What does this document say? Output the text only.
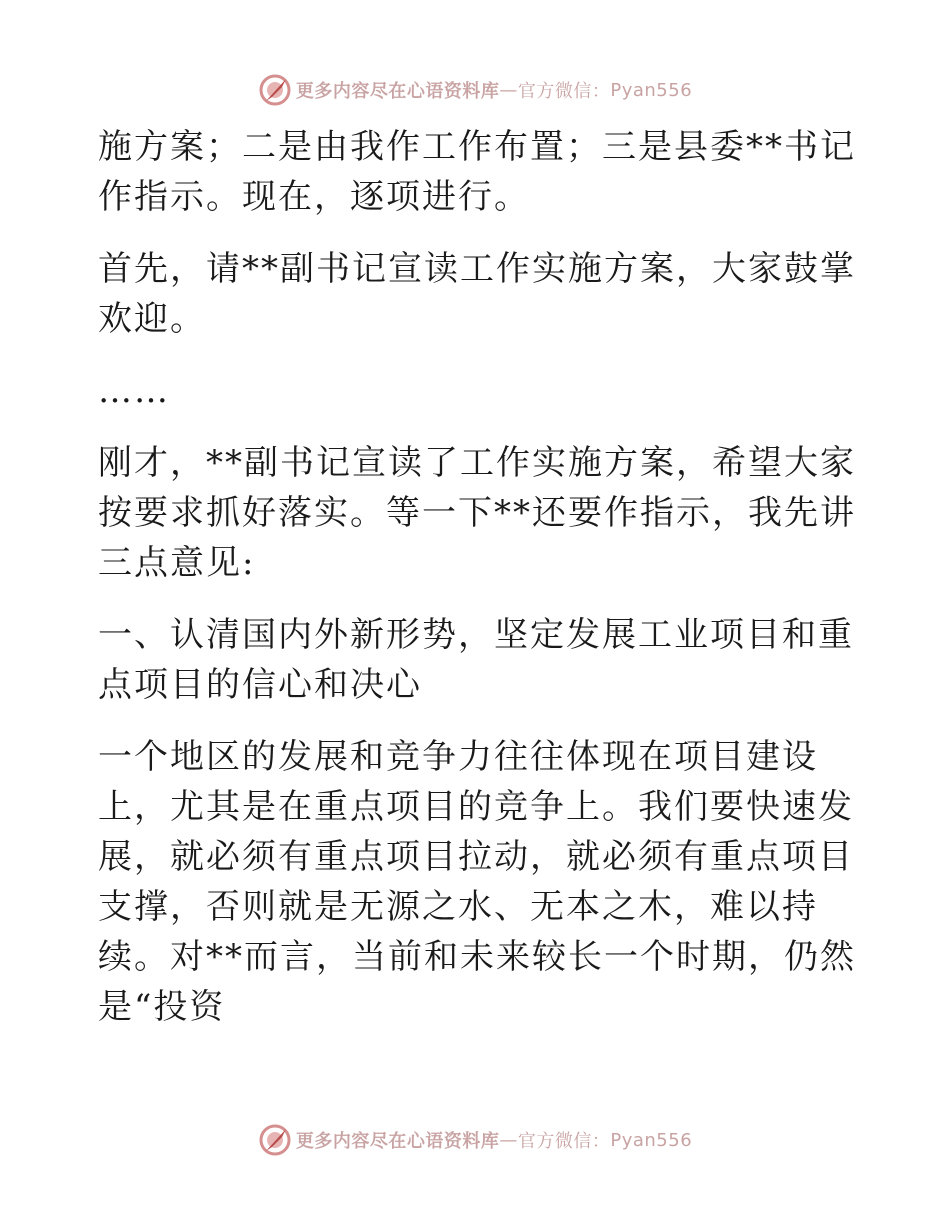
更多内容尽在心语资料库 — 官方微信： Pyan556

施方案；二是由我作工作布置；三是县委**书记作指示。现在，逐项进行。

首先，请**副书记宣读工作实施方案，大家鼓掌欢迎。

……

刚才，**副书记宣读了工作实施方案，希望大家按要求抓好落实。等一下**还要作指示，我先讲三点意见:

一、认清国内外新形势，坚定发展工业项目和重点项目的信心和决心

一个地区的发展和竞争力往往体现在项目建设上，尤其是在重点项目的竞争上。我们要快速发展，就必须有重点项目拉动，就必须有重点项目支撑，否则就是无源之水、无本之木，难以持续。对**而言，当前和未来较长一个时期，仍然是“投资

更多内容尽在心语资料库 — 官方微信： Pyan556
